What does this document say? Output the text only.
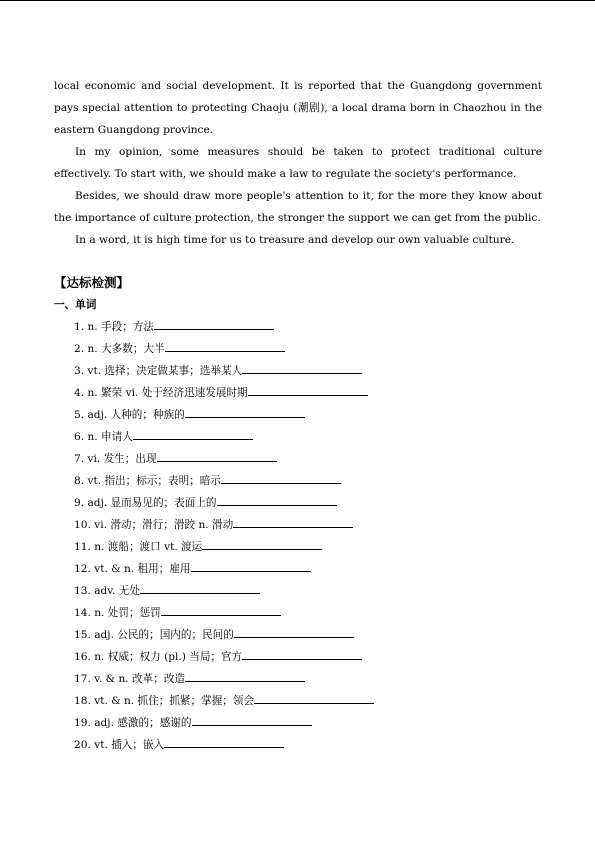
local economic and social development. It is reported that the Guangdong government pays special attention to protecting Chaoju (潮剧), a local drama born in Chaozhou in the eastern Guangdong province.

In my opinion, some measures should be taken to protect traditional culture effectively. To start with, we should make a law to regulate the society's performance.

Besides, we should draw more people's attention to it, for the more they know about the importance of culture protection, the stronger the support we can get from the public.

In a word, it is high time for us to treasure and develop our own valuable culture.

【达标检测】
一、单词
1. n. 手段；方法
2. n. 大多数；大半
3. vt. 选择；决定做某事；选举某人
4. n. 繁荣 vi. 处于经济迅速发展时期
5. adj. 人种的；种族的
6. n. 申请人
7. vi. 发生；出现
8. vt. 指出；标示；表明；暗示
9. adj. 显而易见的；表面上的
10. vi. 滑动；滑行；滑跤 n. 滑动
11. n. 渡船；渡口 vt. 渡运
12. vt. & n. 租用；雇用
13. adv. 无处
14. n. 处罚；惩罚
15. adj. 公民的；国内的；民间的
16. n. 权威；权力 (pl.) 当局；官方
17. v. & n. 改革；改造
18. vt. & n. 抓住；抓紧；掌握；领会
19. adj. 感激的；感谢的
20. vt. 插入；嵌入
